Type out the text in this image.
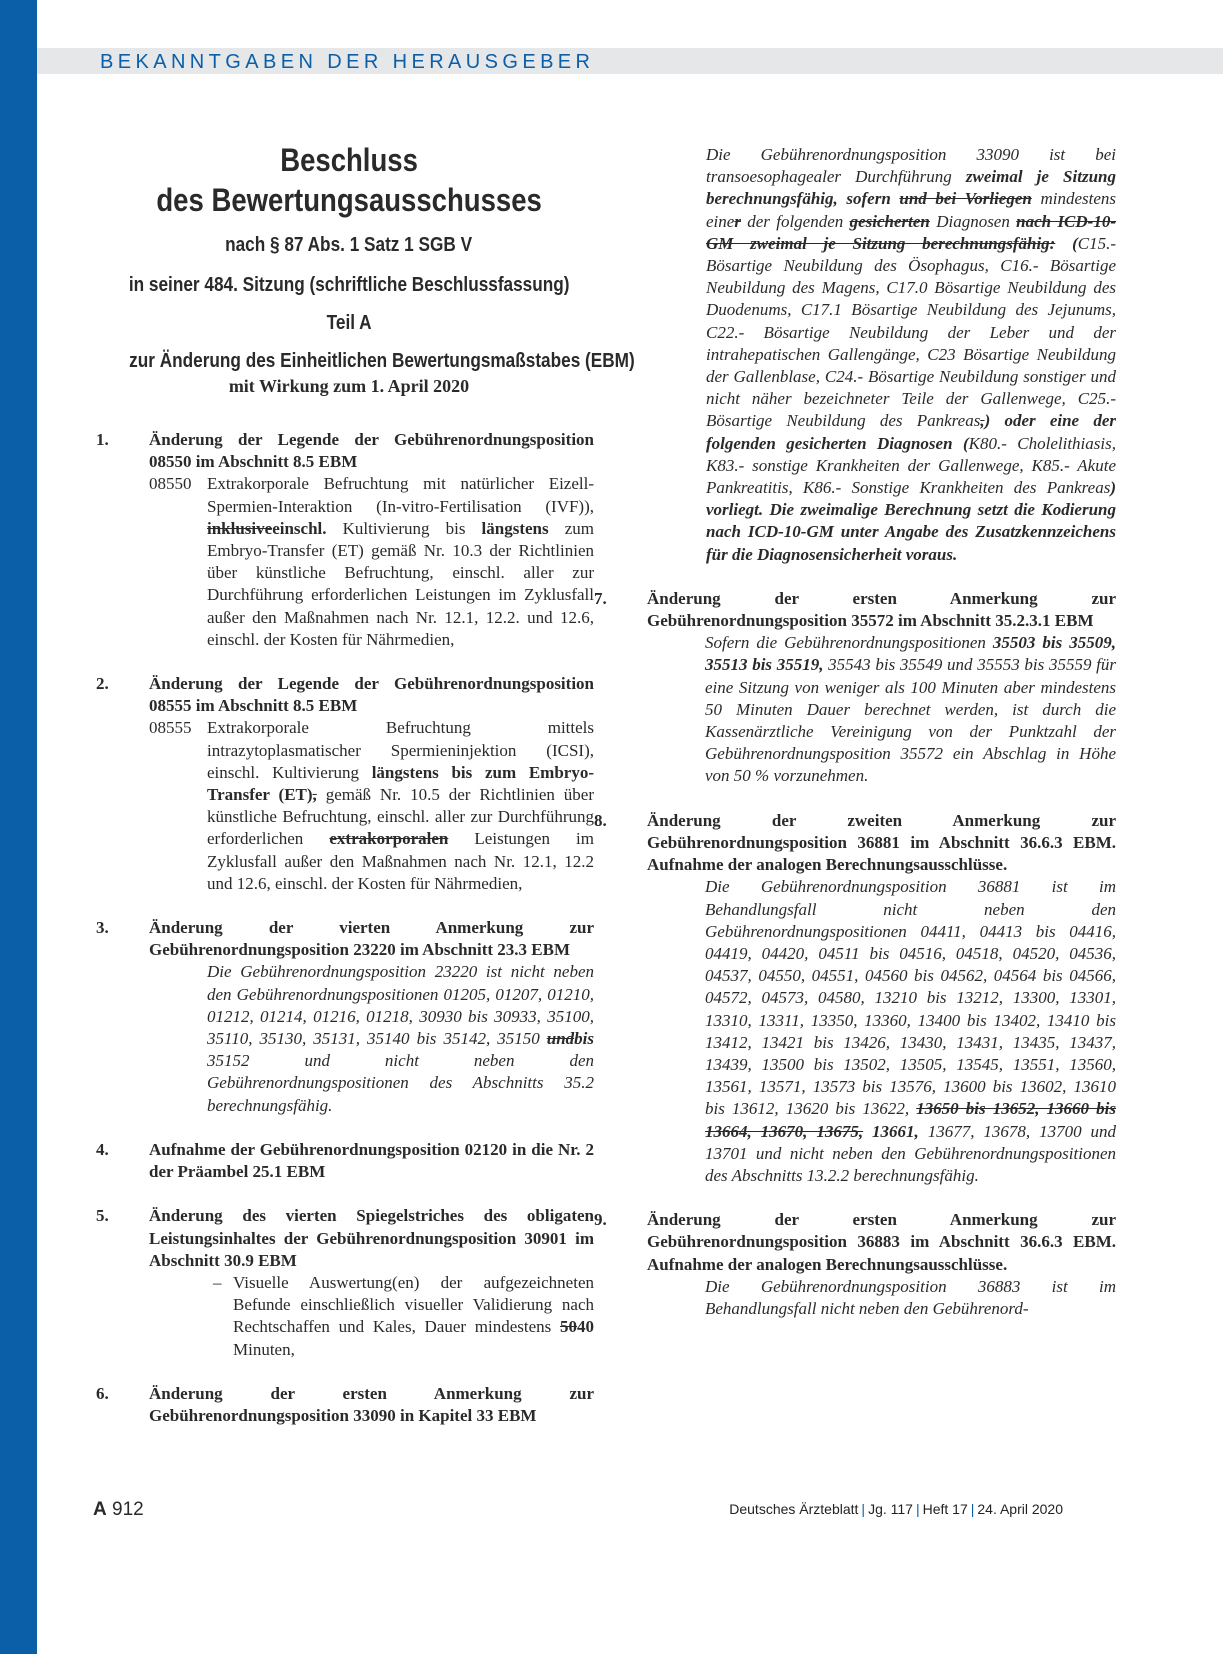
BEKANNTGABEN DER HERAUSGEBER
Beschluss
des Bewertungsausschusses
nach § 87 Abs. 1 Satz 1 SGB V
in seiner 484. Sitzung (schriftliche Beschlussfassung)
Teil A
zur Änderung des Einheitlichen Bewertungsmaßstabes (EBM)
mit Wirkung zum 1. April 2020
1. Änderung der Legende der Gebührenordnungsposition 08550 im Abschnitt 8.5 EBM
08550 Extrakorporale Befruchtung mit natürlicher Eizell-Spermien-Interaktion (In-vitro-Fertilisation (IVF)), inklusiveeinschl. Kultivierung bis längstens zum Embryo-Transfer (ET) gemäß Nr. 10.3 der Richtlinien über künstliche Befruchtung, einschl. aller zur Durchführung erforderlichen Leistungen im Zyklusfall außer den Maßnahmen nach Nr. 12.1, 12.2. und 12.6, einschl. der Kosten für Nährmedien,
2. Änderung der Legende der Gebührenordnungsposition 08555 im Abschnitt 8.5 EBM
08555 Extrakorporale Befruchtung mittels intrazytoplasmatischer Spermieninjektion (ICSI), einschl. Kultivierung längstens bis zum Embryo-Transfer (ET), gemäß Nr. 10.5 der Richtlinien über künstliche Befruchtung, einschl. aller zur Durchführung erforderlichen extrakorporalen Leistungen im Zyklusfall außer den Maßnahmen nach Nr. 12.1, 12.2 und 12.6, einschl. der Kosten für Nährmedien,
3. Änderung der vierten Anmerkung zur Gebührenordnungsposition 23220 im Abschnitt 23.3 EBM
Die Gebührenordnungsposition 23220 ist nicht neben den Gebührenordnungspositionen 01205, 01207, 01210, 01212, 01214, 01216, 01218, 30930 bis 30933, 35100, 35110, 35130, 35131, 35140 bis 35142, 35150 undbis 35152 und nicht neben den Gebührenordnungspositionen des Abschnitts 35.2 berechnungsfähig.
4. Aufnahme der Gebührenordnungsposition 02120 in die Nr. 2 der Präambel 25.1 EBM
5. Änderung des vierten Spiegelstriches des obligaten Leistungsinhaltes der Gebührenordnungsposition 30901 im Abschnitt 30.9 EBM
– Visuelle Auswertung(en) der aufgezeichneten Befunde einschließlich visueller Validierung nach Rechtschaffen und Kales, Dauer mindestens 5040 Minuten,
6. Änderung der ersten Anmerkung zur Gebührenordnungsposition 33090 in Kapitel 33 EBM
Die Gebührenordnungsposition 33090 ist bei transoesophagealer Durchführung zweimal je Sitzung berechnungsfähig, sofern und bei Vorliegen mindestens einer der folgenden gesicherten Diagnosen nach ICD-10-GM zweimal je Sitzung berechnungsfähig: (C15.- Bösartige Neubildung des Ösophagus, C16.- Bösartige Neubildung des Magens, C17.0 Bösartige Neubildung des Duodenums, C17.1 Bösartige Neubildung des Jejunums, C22.- Bösartige Neubildung der Leber und der intrahepatischen Gallengänge, C23 Bösartige Neubildung der Gallenblase, C24.- Bösartige Neubildung sonstiger und nicht näher bezeichneter Teile der Gallenwege, C25.- Bösartige Neubildung des Pankreas,) oder eine der folgenden gesicherten Diagnosen (K80.- Cholelithiasis, K83.- sonstige Krankheiten der Gallenwege, K85.- Akute Pankreatitis, K86.- Sonstige Krankheiten des Pankreas) vorliegt. Die zweimalige Berechnung setzt die Kodierung nach ICD-10-GM unter Angabe des Zusatzkennzeichens für die Diagnosensicherheit voraus.
7. Änderung der ersten Anmerkung zur Gebührenordnungsposition 35572 im Abschnitt 35.2.3.1 EBM
Sofern die Gebührenordnungspositionen 35503 bis 35509, 35513 bis 35519, 35543 bis 35549 und 35553 bis 35559 für eine Sitzung von weniger als 100 Minuten aber mindestens 50 Minuten Dauer berechnet werden, ist durch die Kassenärztliche Vereinigung von der Punktzahl der Gebührenordnungsposition 35572 ein Abschlag in Höhe von 50 % vorzunehmen.
8. Änderung der zweiten Anmerkung zur Gebührenordnungsposition 36881 im Abschnitt 36.6.3 EBM. Aufnahme der analogen Berechnungsausschlüsse.
Die Gebührenordnungsposition 36881 ist im Behandlungsfall nicht neben den Gebührenordnungspositionen 04411, 04413 bis 04416, 04419, 04420, 04511 bis 04516, 04518, 04520, 04536, 04537, 04550, 04551, 04560 bis 04562, 04564 bis 04566, 04572, 04573, 04580, 13210 bis 13212, 13300, 13301, 13310, 13311, 13350, 13360, 13400 bis 13402, 13410 bis 13412, 13421 bis 13426, 13430, 13431, 13435, 13437, 13439, 13500 bis 13502, 13505, 13545, 13551, 13560, 13561, 13571, 13573 bis 13576, 13600 bis 13602, 13610 bis 13612, 13620 bis 13622, 13650 bis 13652, 13660 bis 13664, 13670, 13675, 13661, 13677, 13678, 13700 und 13701 und nicht neben den Gebührenordnungspositionen des Abschnitts 13.2.2 berechnungsfähig.
9. Änderung der ersten Anmerkung zur Gebührenordnungsposition 36883 im Abschnitt 36.6.3 EBM. Aufnahme der analogen Berechnungsausschlüsse.
Die Gebührenordnungsposition 36883 ist im Behandlungsfall nicht neben den Gebührenord-
A 912	Deutsches Ärzteblatt | Jg. 117 | Heft 17 | 24. April 2020
